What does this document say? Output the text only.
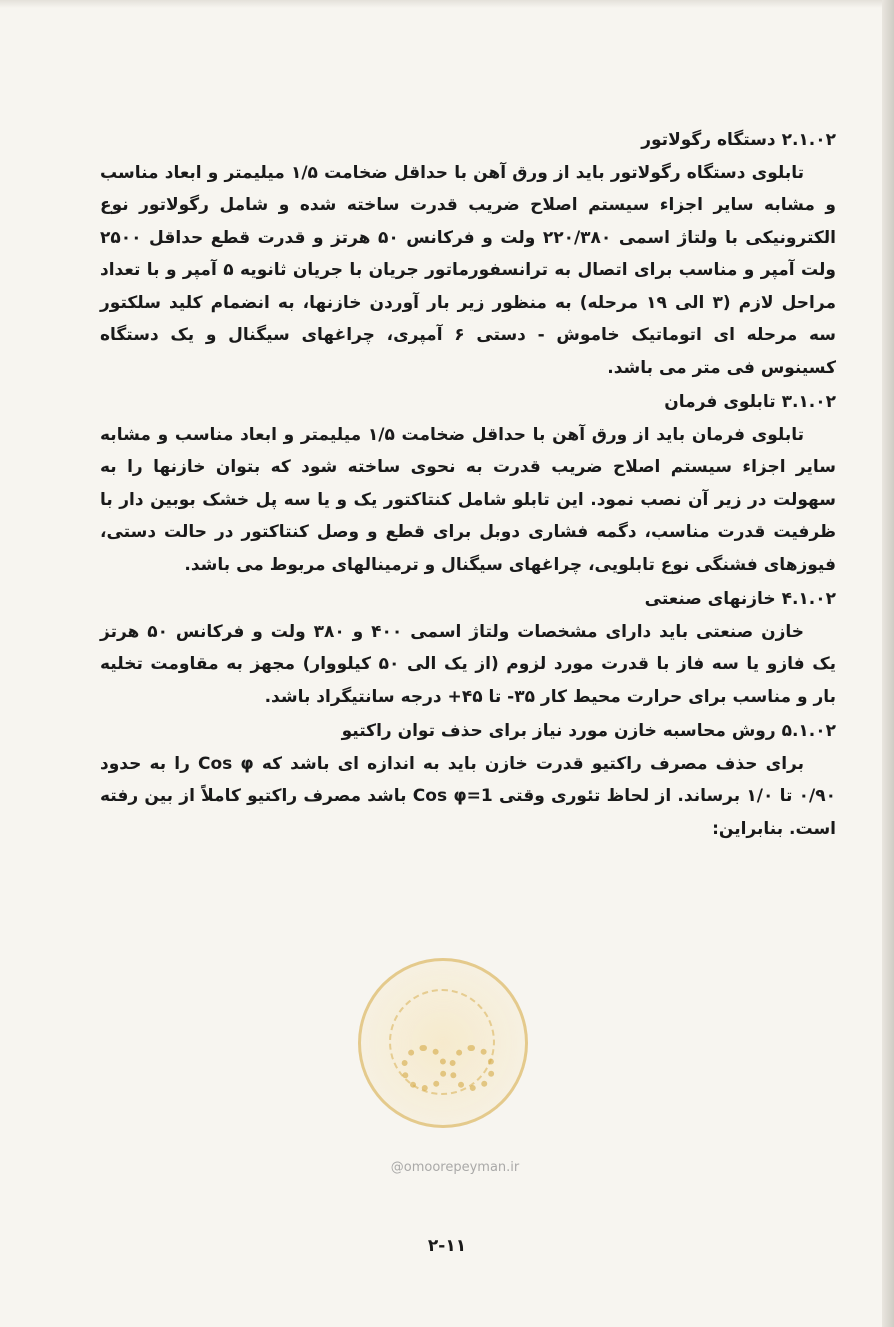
۲.۱.۰۲ دستگاه رگولاتور

تابلوی دستگاه رگولاتور باید از ورق آهن با حداقل ضخامت ۱/۵ میلیمتر و ابعاد مناسب و مشابه سایر اجزاء سیستم اصلاح ضریب قدرت ساخته شده و شامل رگولاتور نوع الکترونیکی با ولتاژ اسمی ۲۲۰/۳۸۰ ولت و فرکانس ۵۰ هرتز و قدرت قطع حداقل ۲۵۰۰ ولت آمپر و مناسب برای اتصال به ترانسفورماتور جریان با جریان ثانویه ۵ آمپر و با تعداد مراحل لازم (۳ الی ۱۹ مرحله) به منظور زیر بار آوردن خازنها، به انضمام کلید سلکتور سه مرحله ای اتوماتیک خاموش - دستی ۶ آمپری، چراغهای سیگنال و یک دستگاه کسینوس فی متر می باشد.

۳.۱.۰۲ تابلوی فرمان

تابلوی فرمان باید از ورق آهن با حداقل ضخامت ۱/۵ میلیمتر و ابعاد مناسب و مشابه سایر اجزاء سیستم اصلاح ضریب قدرت به نحوی ساخته شود که بتوان خازنها را به سهولت در زیر آن نصب نمود. این تابلو شامل کنتاکتور یک و یا سه پل خشک بوبین دار با ظرفیت قدرت مناسب، دگمه فشاری دوبل برای قطع و وصل کنتاکتور در حالت دستی، فیوزهای فشنگی نوع تابلویی، چراغهای سیگنال و ترمینالهای مربوط می باشد.

۴.۱.۰۲ خازنهای صنعتی

خازن صنعتی باید دارای مشخصات ولتاژ اسمی ۴۰۰ و ۳۸۰ ولت و فرکانس ۵۰ هرتز یک فازو یا سه فاز با قدرت مورد لزوم (از یک الی ۵۰ کیلووار) مجهز به مقاومت تخلیه بار و مناسب برای حرارت محیط کار ۳۵- تا ۴۵+ درجه سانتیگراد باشد.

۵.۱.۰۲ روش محاسبه خازن مورد نیاز برای حذف توان راکتیو

برای حذف مصرف راکتیو قدرت خازن باید به اندازه ای باشد که Cos φ را به حدود ۰/۹۰ تا ۱/۰ برساند. از لحاظ تئوری وقتی Cos φ=1 باشد مصرف راکتیو کاملاً از بین رفته است. بنابراین:

@omoorepeyman.ir
۲-۱۱
